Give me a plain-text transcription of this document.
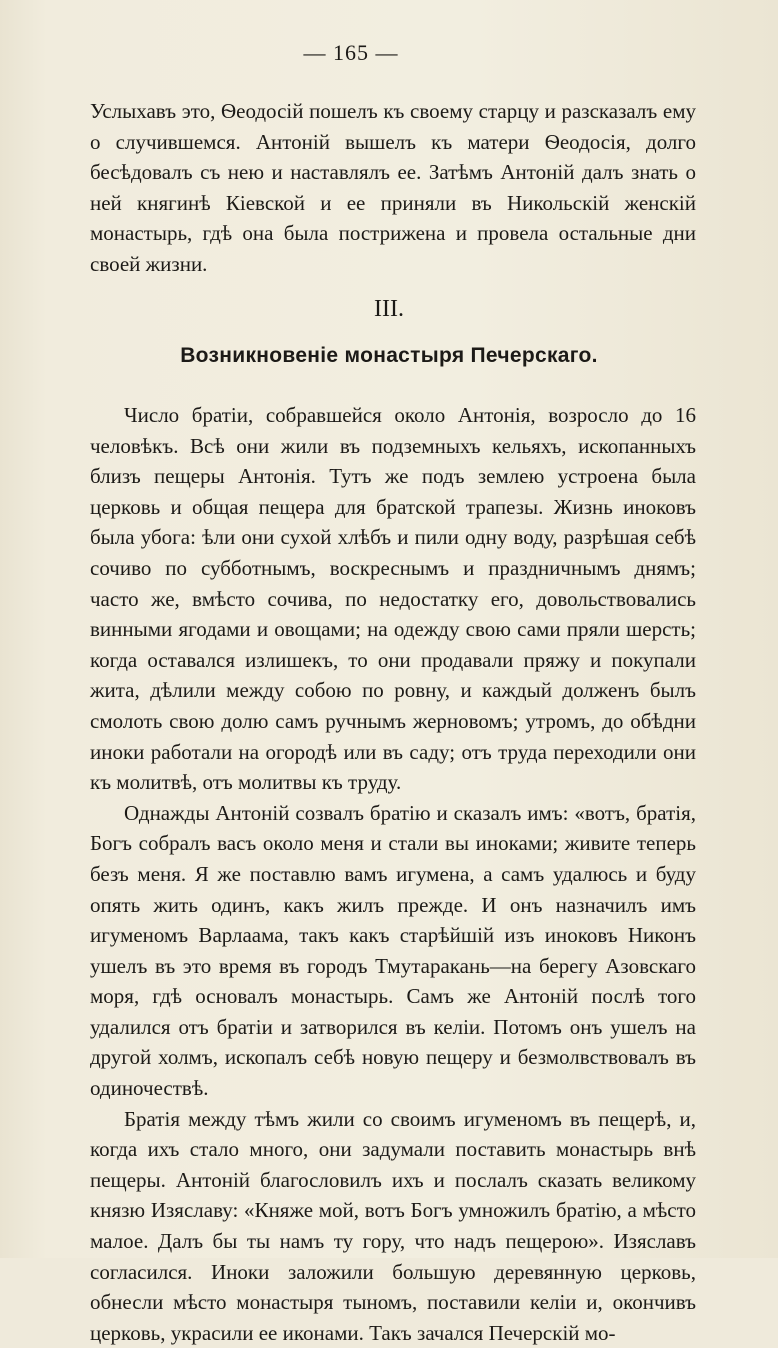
— 165 —

Услыхавъ это, Ѳеодосій пошелъ къ своему старцу и разсказалъ ему о случившемся. Антоній вышелъ къ матери Ѳеодосія, долго бесѣдовалъ съ нею и наставлялъ ее. Затѣмъ Антоній далъ знать о ней княгинѣ Кіевской и ее приняли въ Никольскій женскій монастырь, гдѣ она была пострижена и провела остальные дни своей жизни.

III.
Возникновеніе монастыря Печерскаго.

Число братіи, собравшейся около Антонія, возросло до 16 человѣкъ. Всѣ они жили въ подземныхъ кельяхъ, ископанныхъ близъ пещеры Антонія. Тутъ же подъ землею устроена была церковь и общая пещера для братской трапезы. Жизнь иноковъ была убога: ѣли они сухой хлѣбъ и пили одну воду, разрѣшая себѣ сочиво по субботнымъ, воскреснымъ и праздничнымъ днямъ; часто же, вмѣсто сочива, по недостатку его, довольствовались винными ягодами и овощами; на одежду свою сами пряли шерсть; когда оставался излишекъ, то они продавали пряжу и покупали жита, дѣлили между собою по ровну, и каждый долженъ былъ смолоть свою долю самъ ручнымъ жерновомъ; утромъ, до обѣдни иноки работали на огородѣ или въ саду; отъ труда переходили они къ молитвѣ, отъ молитвы къ труду.

Однажды Антоній созвалъ братію и сказалъ имъ: «вотъ, братія, Богъ собралъ васъ около меня и стали вы иноками; живите теперь безъ меня. Я же поставлю вамъ игумена, а самъ удалюсь и буду опять жить одинъ, какъ жилъ прежде. И онъ назначилъ имъ игуменомъ Варлаама, такъ какъ старѣйшій изъ иноковъ Никонъ ушелъ въ это время въ городъ Тмутаракань—на берегу Азовскаго моря, гдѣ основалъ монастырь. Самъ же Антоній послѣ того удалился отъ братіи и затворился въ келіи. Потомъ онъ ушелъ на другой холмъ, ископалъ себѣ новую пещеру и безмолвствовалъ въ одиночествѣ.

Братія между тѣмъ жили со своимъ игуменомъ въ пещерѣ, и, когда ихъ стало много, они задумали поставить монастырь внѣ пещеры. Антоній благословилъ ихъ и послалъ сказать великому князю Изяславу: «Княже мой, вотъ Богъ умножилъ братію, а мѣсто малое. Далъ бы ты намъ ту гору, что надъ пещерою». Изяславъ согласился. Иноки заложили большую деревянную церковь, обнесли мѣсто монастыря тыномъ, поставили келіи и, окончивъ церковь, украсили ее иконами. Такъ зачался Печерскій мо-
